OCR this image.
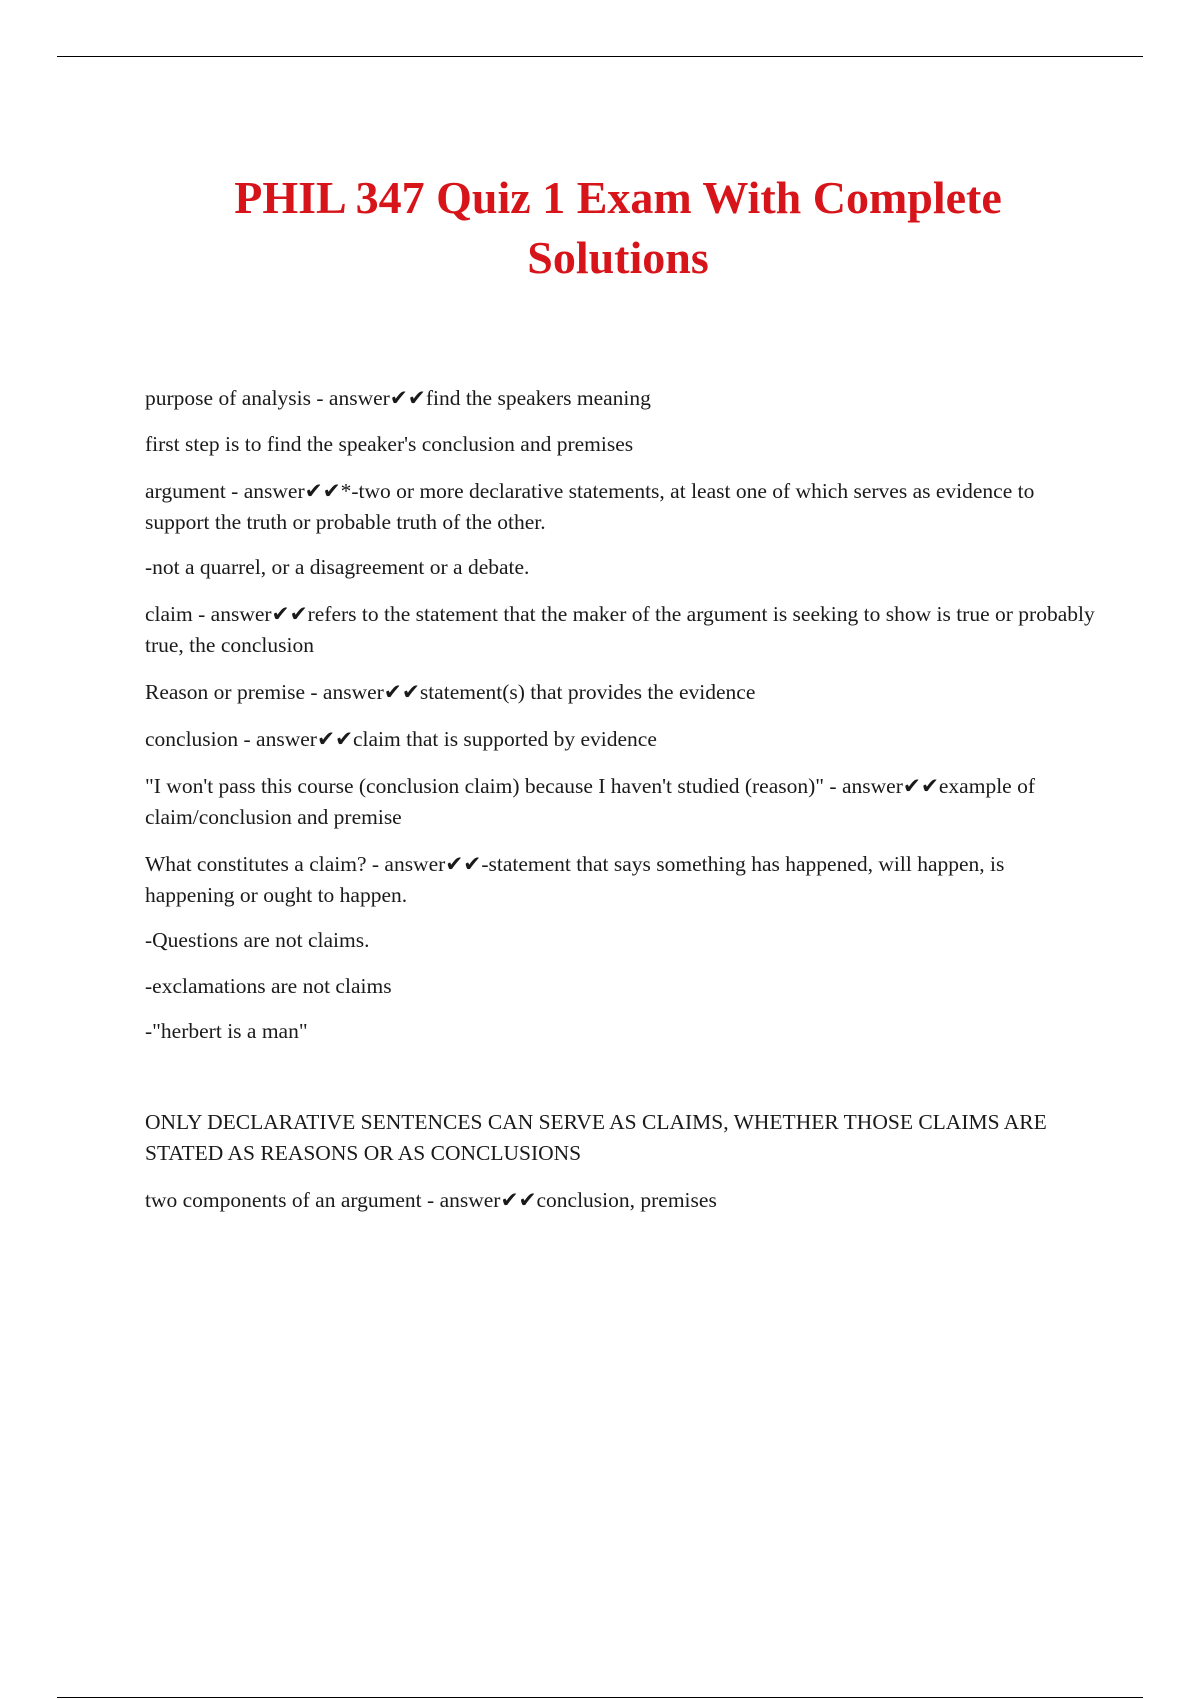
PHIL 347 Quiz 1 Exam With Complete
Solutions

purpose of analysis - answer✔✔find the speakers meaning

first step is to find the speaker's conclusion and premises

argument - answer✔✔*-two or more declarative statements, at least one of which serves as evidence to support the truth or probable truth of the other.

-not a quarrel, or a disagreement or a debate.

claim - answer✔✔refers to the statement that the maker of the argument is seeking to show is true or probably true, the conclusion

Reason or premise - answer✔✔statement(s) that provides the evidence

conclusion - answer✔✔claim that is supported by evidence

"I won't pass this course (conclusion claim) because I haven't studied (reason)" - answer✔✔example of claim/conclusion and premise

What constitutes a claim? - answer✔✔-statement that says something has happened, will happen, is happening or ought to happen.

-Questions are not claims.

-exclamations are not claims

-"herbert is a man"

ONLY DECLARATIVE SENTENCES CAN SERVE AS CLAIMS, WHETHER THOSE CLAIMS ARE STATED AS REASONS OR AS CONCLUSIONS

two components of an argument - answer✔✔conclusion, premises
